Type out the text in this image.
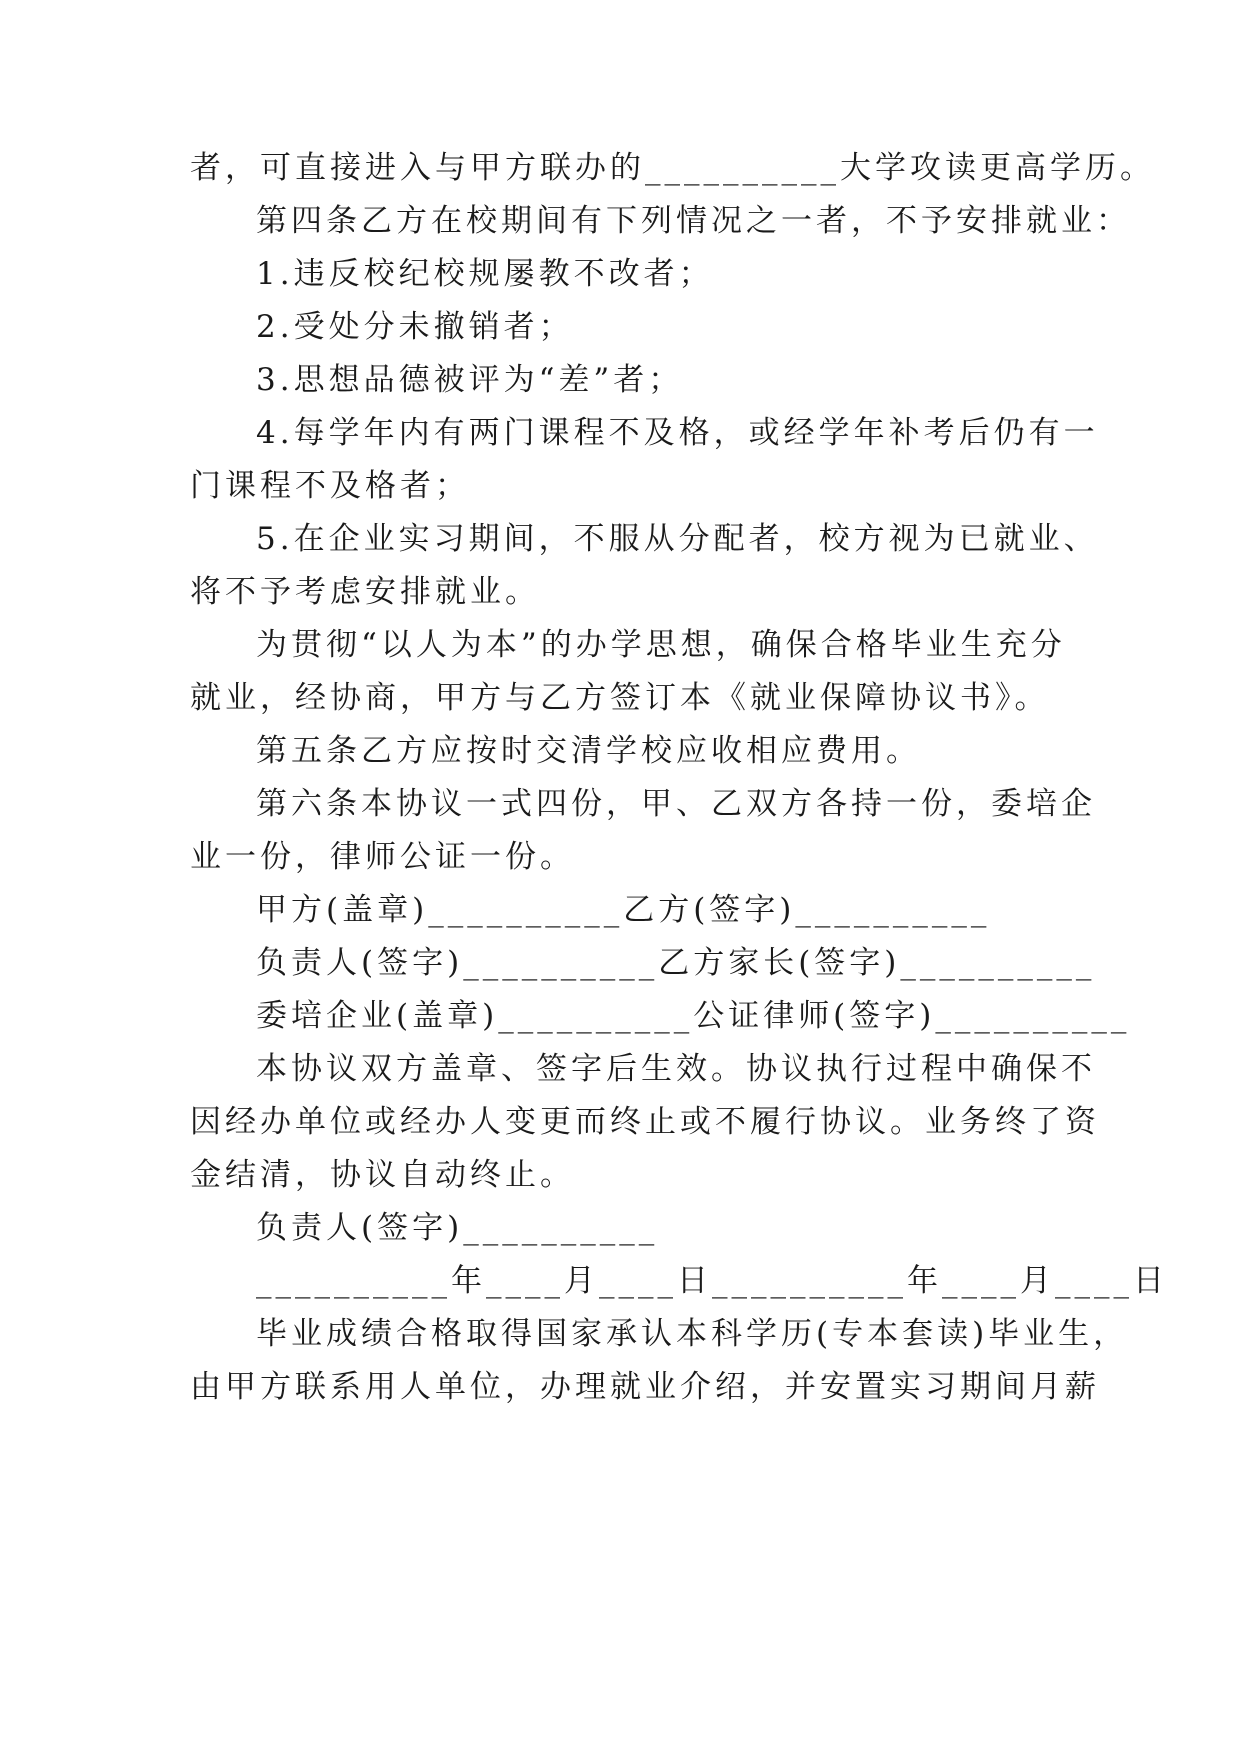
者，可直接进入与甲方联办的__________大学攻读更高学历。
第四条乙方在校期间有下列情况之一者，不予安排就业：
1.违反校纪校规屡教不改者；
2.受处分未撤销者；
3.思想品德被评为“差”者；
4.每学年内有两门课程不及格，或经学年补考后仍有一
门课程不及格者；
5.在企业实习期间，不服从分配者，校方视为已就业、
将不予考虑安排就业。
为贯彻“以人为本”的办学思想，确保合格毕业生充分
就业，经协商，甲方与乙方签订本《就业保障协议书》。
第五条乙方应按时交清学校应收相应费用。
第六条本协议一式四份，甲、乙双方各持一份，委培企
业一份，律师公证一份。
甲方(盖章)__________乙方(签字)__________
负责人(签字)__________乙方家长(签字)__________
委培企业(盖章)__________公证律师(签字)__________
本协议双方盖章、签字后生效。协议执行过程中确保不
因经办单位或经办人变更而终止或不履行协议。业务终了资
金结清，协议自动终止。
负责人(签字)__________
__________年____月____日__________年____月____日
毕业成绩合格取得国家承认本科学历(专本套读)毕业生，
由甲方联系用人单位，办理就业介绍，并安置实习期间月薪
